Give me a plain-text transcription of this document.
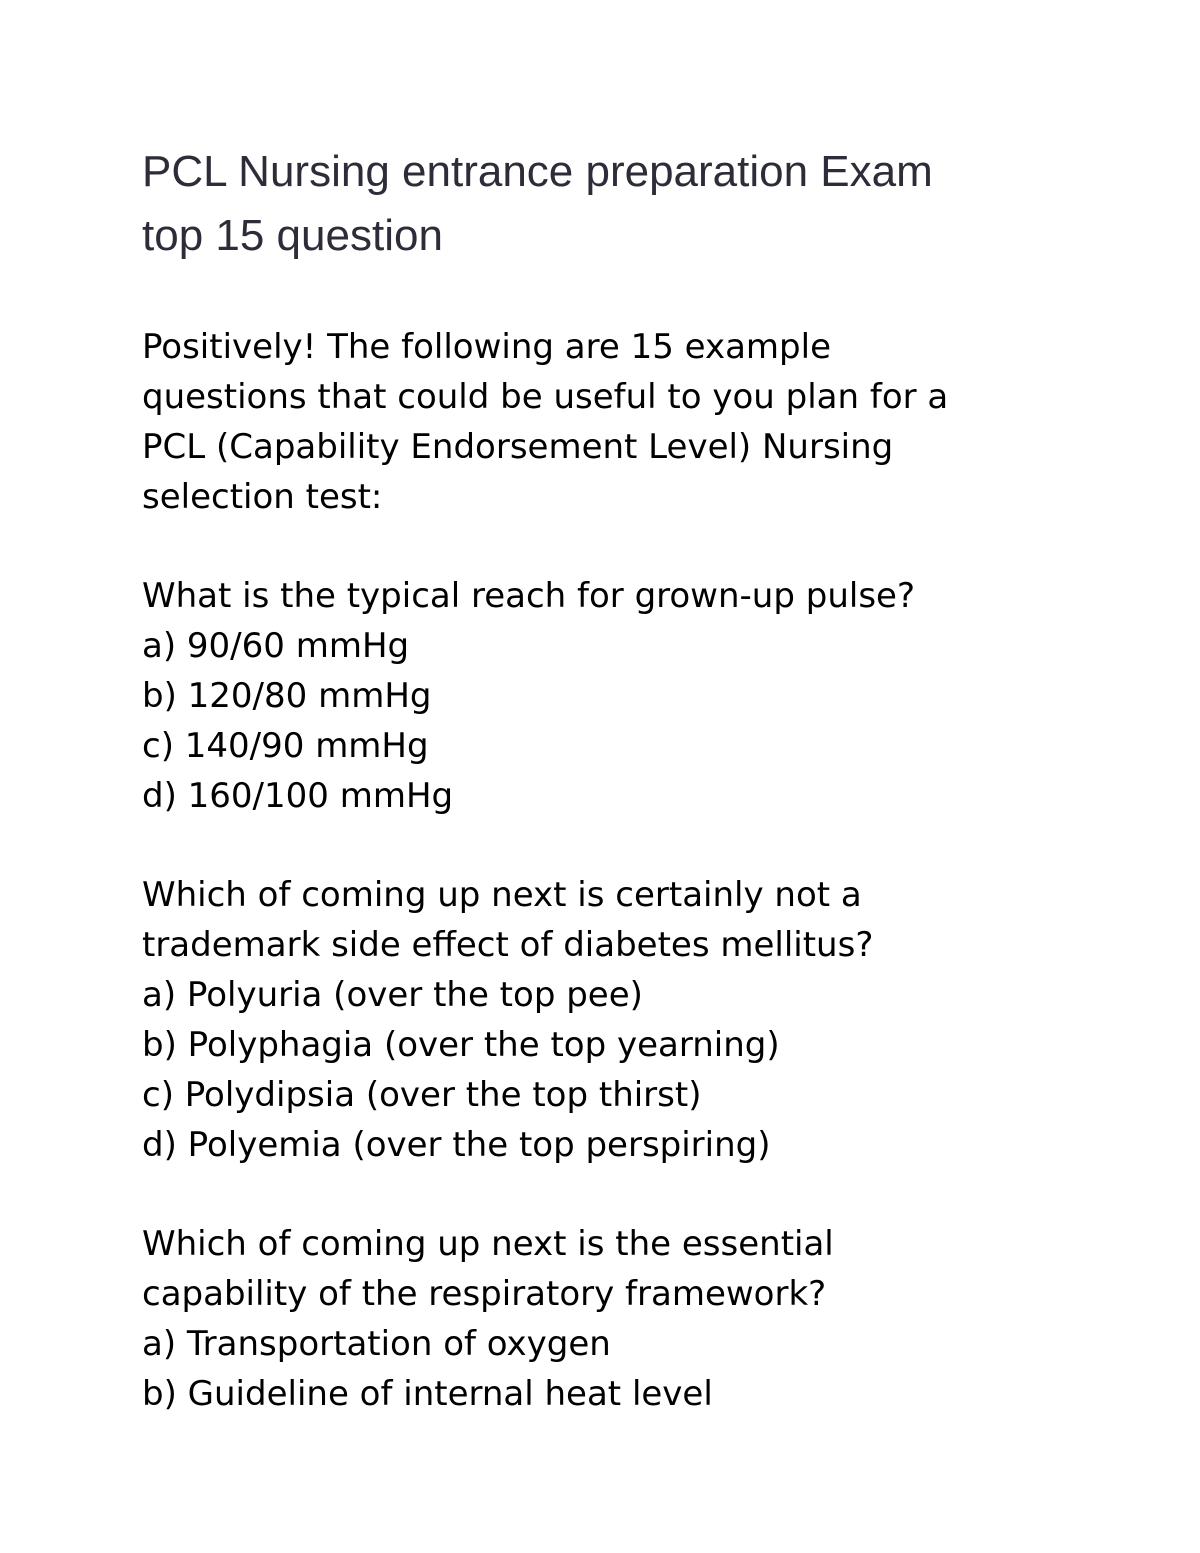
PCL Nursing entrance preparation Exam
top 15 question
Positively! The following are 15 example
questions that could be useful to you plan for a
PCL (Capability Endorsement Level) Nursing
selection test:
What is the typical reach for grown-up pulse?
a) 90/60 mmHg
b) 120/80 mmHg
c) 140/90 mmHg
d) 160/100 mmHg
Which of coming up next is certainly not a
trademark side effect of diabetes mellitus?
a) Polyuria (over the top pee)
b) Polyphagia (over the top yearning)
c) Polydipsia (over the top thirst)
d) Polyemia (over the top perspiring)
Which of coming up next is the essential
capability of the respiratory framework?
a) Transportation of oxygen
b) Guideline of internal heat level
